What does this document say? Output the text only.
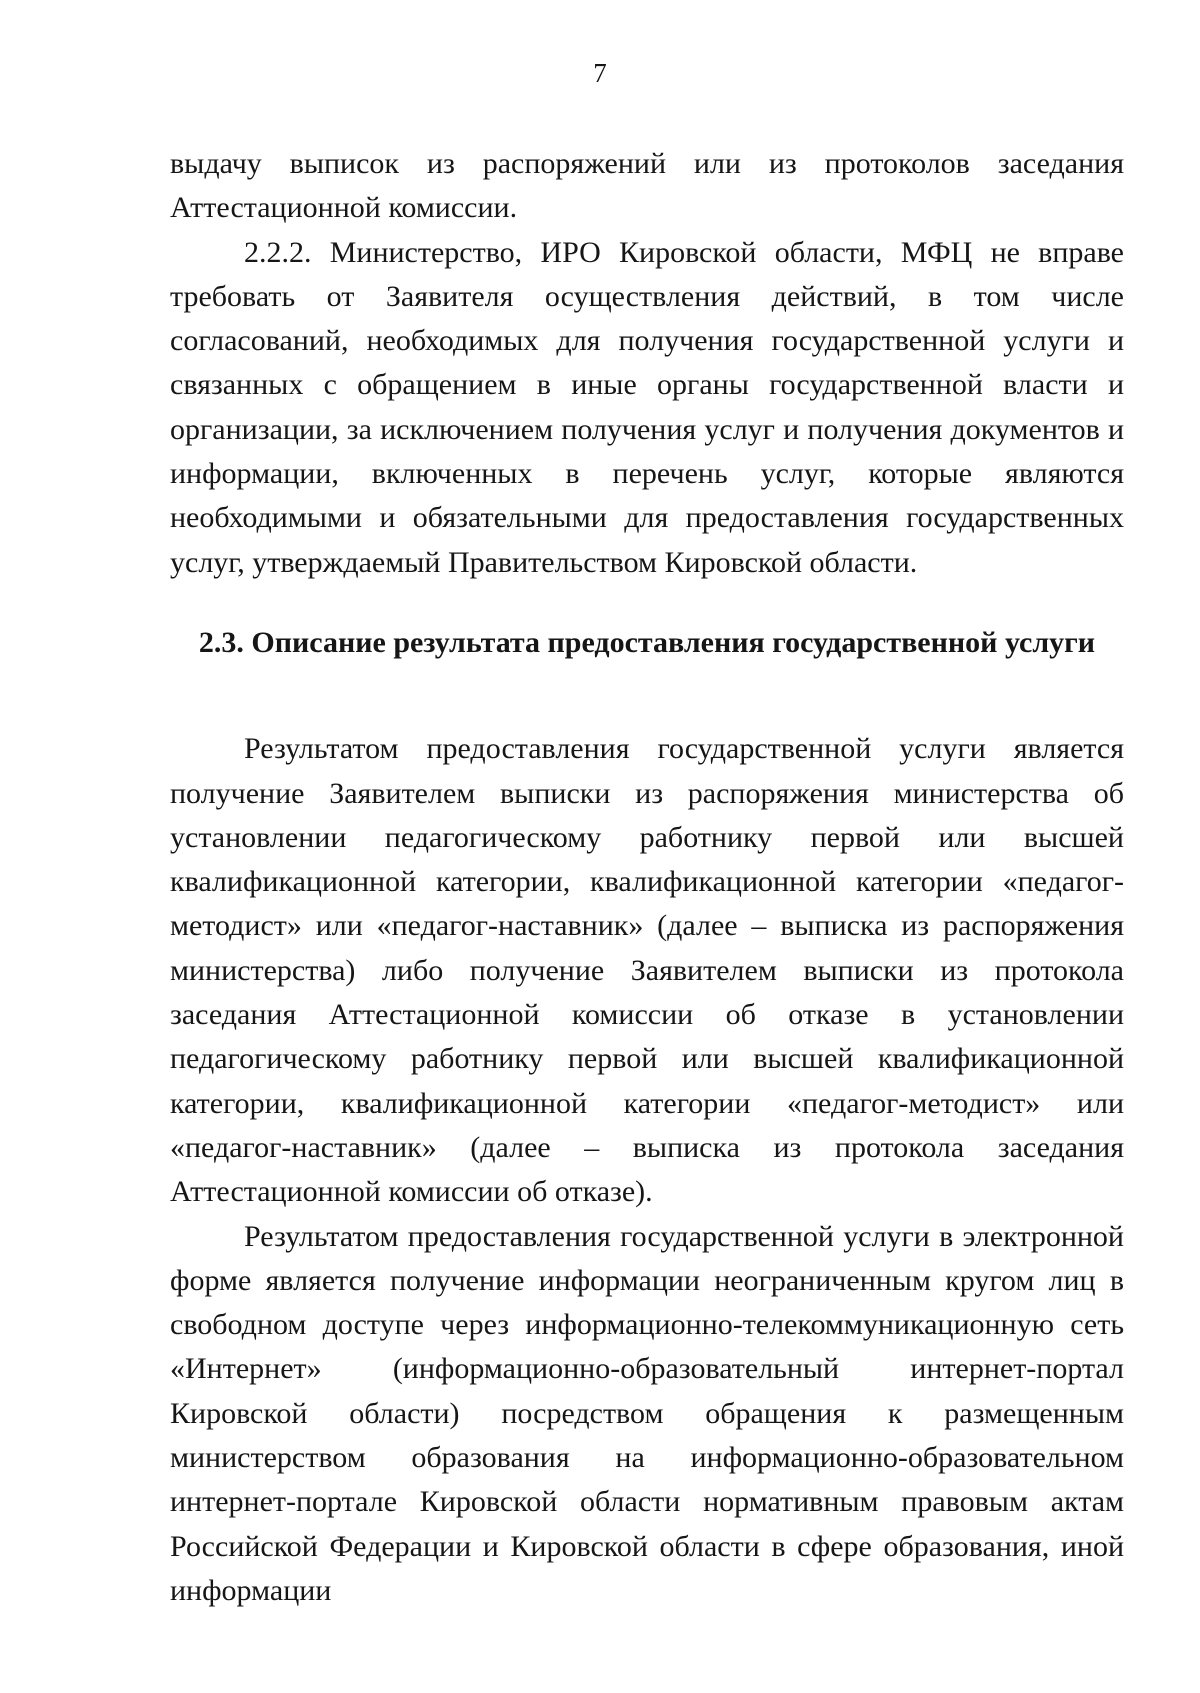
7

выдачу выписок из распоряжений или из протоколов заседания Аттестационной комиссии.

2.2.2. Министерство, ИРО Кировской области, МФЦ не вправе требовать от Заявителя осуществления действий, в том числе согласований, необходимых для получения государственной услуги и связанных с обращением в иные органы государственной власти и организации, за исключением получения услуг и получения документов и информации, включенных в перечень услуг, которые являются необходимыми и обязательными для предоставления государственных услуг, утверждаемый Правительством Кировской области.

2.3. Описание результата предоставления государственной услуги

Результатом предоставления государственной услуги является получение Заявителем выписки из распоряжения министерства об установлении педагогическому работнику первой или высшей квалификационной категории, квалификационной категории «педагог-методист» или «педагог-наставник» (далее – выписка из распоряжения министерства) либо получение Заявителем выписки из протокола заседания Аттестационной комиссии об отказе в установлении педагогическому работнику первой или высшей квалификационной категории, квалификационной категории «педагог-методист» или «педагог-наставник» (далее – выписка из протокола заседания Аттестационной комиссии об отказе).

Результатом предоставления государственной услуги в электронной форме является получение информации неограниченным кругом лиц в свободном доступе через информационно-телекоммуникационную сеть «Интернет» (информационно-образовательный интернет-портал Кировской области) посредством обращения к размещенным министерством образования на информационно-образовательном интернет-портале Кировской области нормативным правовым актам Российской Федерации и Кировской области в сфере образования, иной информации
